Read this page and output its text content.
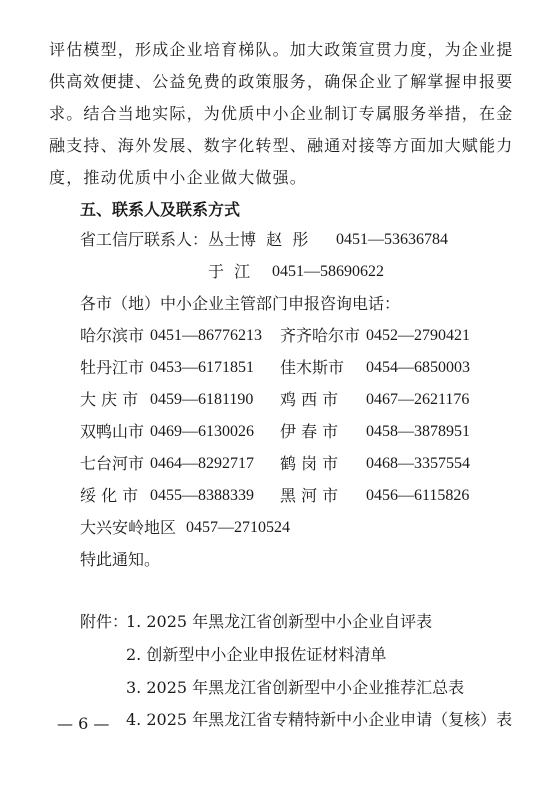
评估模型，形成企业培育梯队。加大政策宣贯力度，为企业提
供高效便捷、公益免费的政策服务，确保企业了解掌握申报要
求。结合当地实际，为优质中小企业制订专属服务举措，在金
融支持、海外发展、数字化转型、融通对接等方面加大赋能力
度，推动优质中小企业做大做强。
五、联系人及联系方式
省工信厅联系人： 丛士博  赵  彤 0451—53636784
于  江 0451—58690622
各市（地）中小企业主管部门申报咨询电话：
哈尔滨市 0451—86776213 齐齐哈尔市 0452—2790421
牡丹江市 0453—6171851 佳木斯市 0454—6850003
大 庆 市 0459—6181190 鸡 西 市 0467—2621176
双鸭山市 0469—6130026 伊 春 市 0458—3878951
七台河市 0464—8292717 鹤 岗 市 0468—3357554
绥 化 市 0455—8388339 黑 河 市 0456—6115826
大兴安岭地区 0457—2710524
特此通知。
附件：
1. 2025 年黑龙江省创新型中小企业自评表
2. 创新型中小企业申报佐证材料清单
3. 2025 年黑龙江省创新型中小企业推荐汇总表
4. 2025 年黑龙江省专精特新中小企业申请（复核）表
— 6 —
